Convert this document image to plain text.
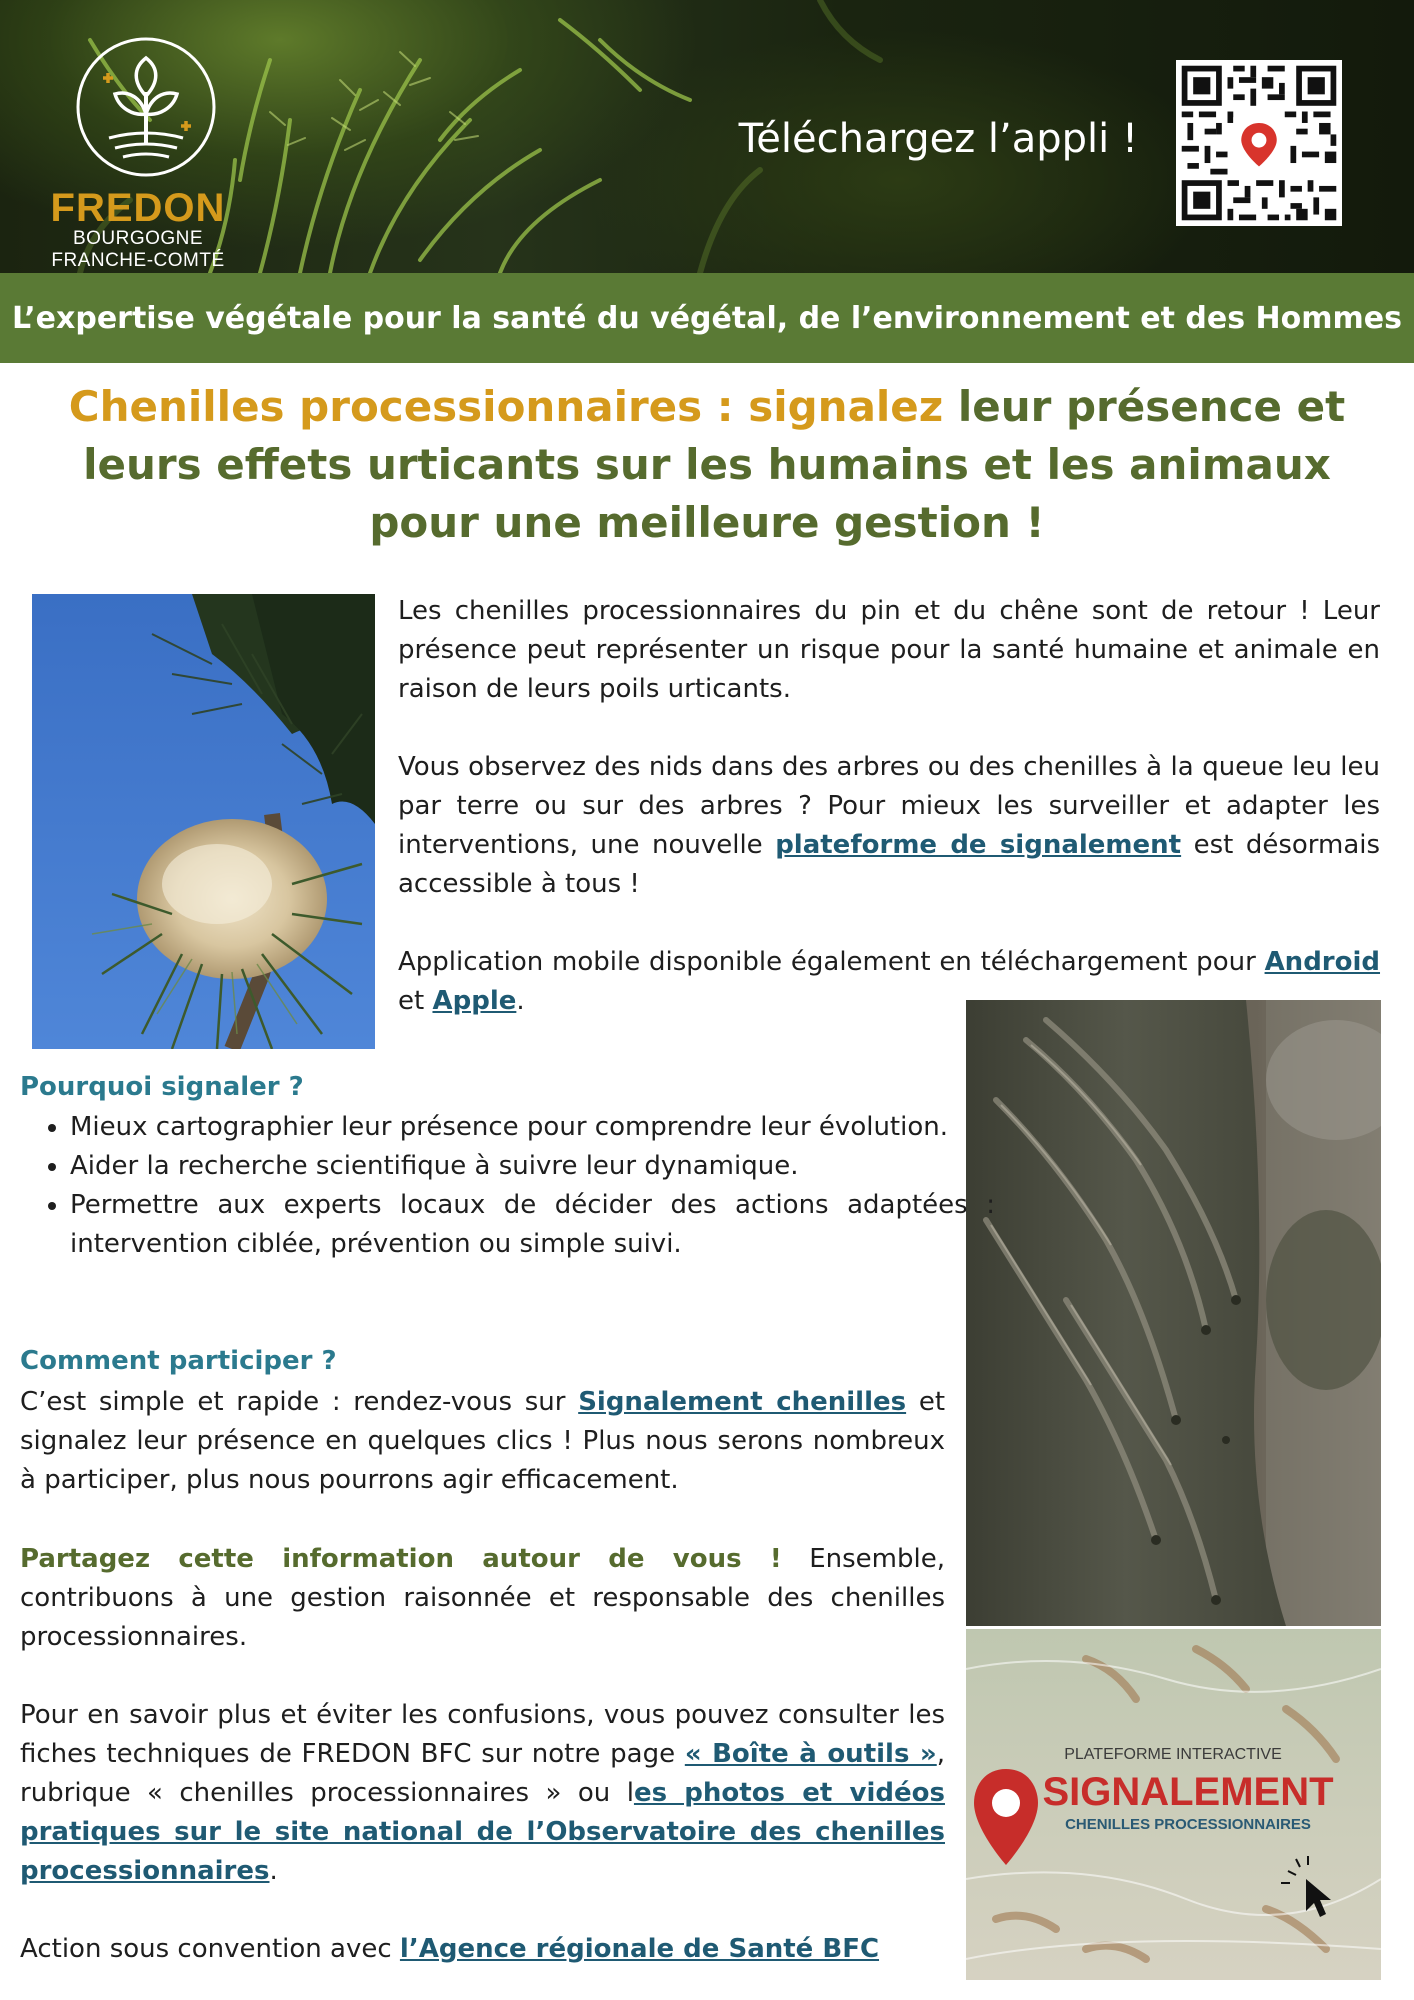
FREDON
BOURGOGNE
FRANCHE-COMTÉ
Téléchargez l’appli !
L’expertise végétale pour la santé du végétal, de l’environnement et des Hommes
Chenilles processionnaires : signalez leur présence et leurs effets urticants sur les humains et les animaux pour une meilleure gestion !
Les chenilles processionnaires du pin et du chêne sont de retour ! Leur présence peut représenter un risque pour la santé humaine et animale en raison de leurs poils urticants.
Vous observez des nids dans des arbres ou des chenilles à la queue leu leu par terre ou sur des arbres ? Pour mieux les surveiller et adapter les interventions, une nouvelle plateforme de signalement est désormais accessible à tous !
Application mobile disponible également en téléchargement pour Android et Apple.
PLATEFORME INTERACTIVE
SIGNALEMENT
CHENILLES PROCESSIONNAIRES
Pourquoi signaler ?
• Mieux cartographier leur présence pour comprendre leur évolution.
• Aider la recherche scientifique à suivre leur dynamique.
• Permettre aux experts locaux de décider des actions adaptées : intervention ciblée, prévention ou simple suivi.
Comment participer ?
C’est simple et rapide : rendez-vous sur Signalement chenilles et signalez leur présence en quelques clics ! Plus nous serons nombreux à participer, plus nous pourrons agir efficacement.
Partagez cette information autour de vous ! Ensemble, contribuons à une gestion raisonnée et responsable des chenilles processionnaires.
Pour en savoir plus et éviter les confusions, vous pouvez consulter les fiches techniques de FREDON BFC sur notre page « Boîte à outils », rubrique « chenilles processionnaires » ou les photos et vidéos pratiques sur le site national de l’Observatoire des chenilles processionnaires.
Action sous convention avec l’Agence régionale de Santé BFC
